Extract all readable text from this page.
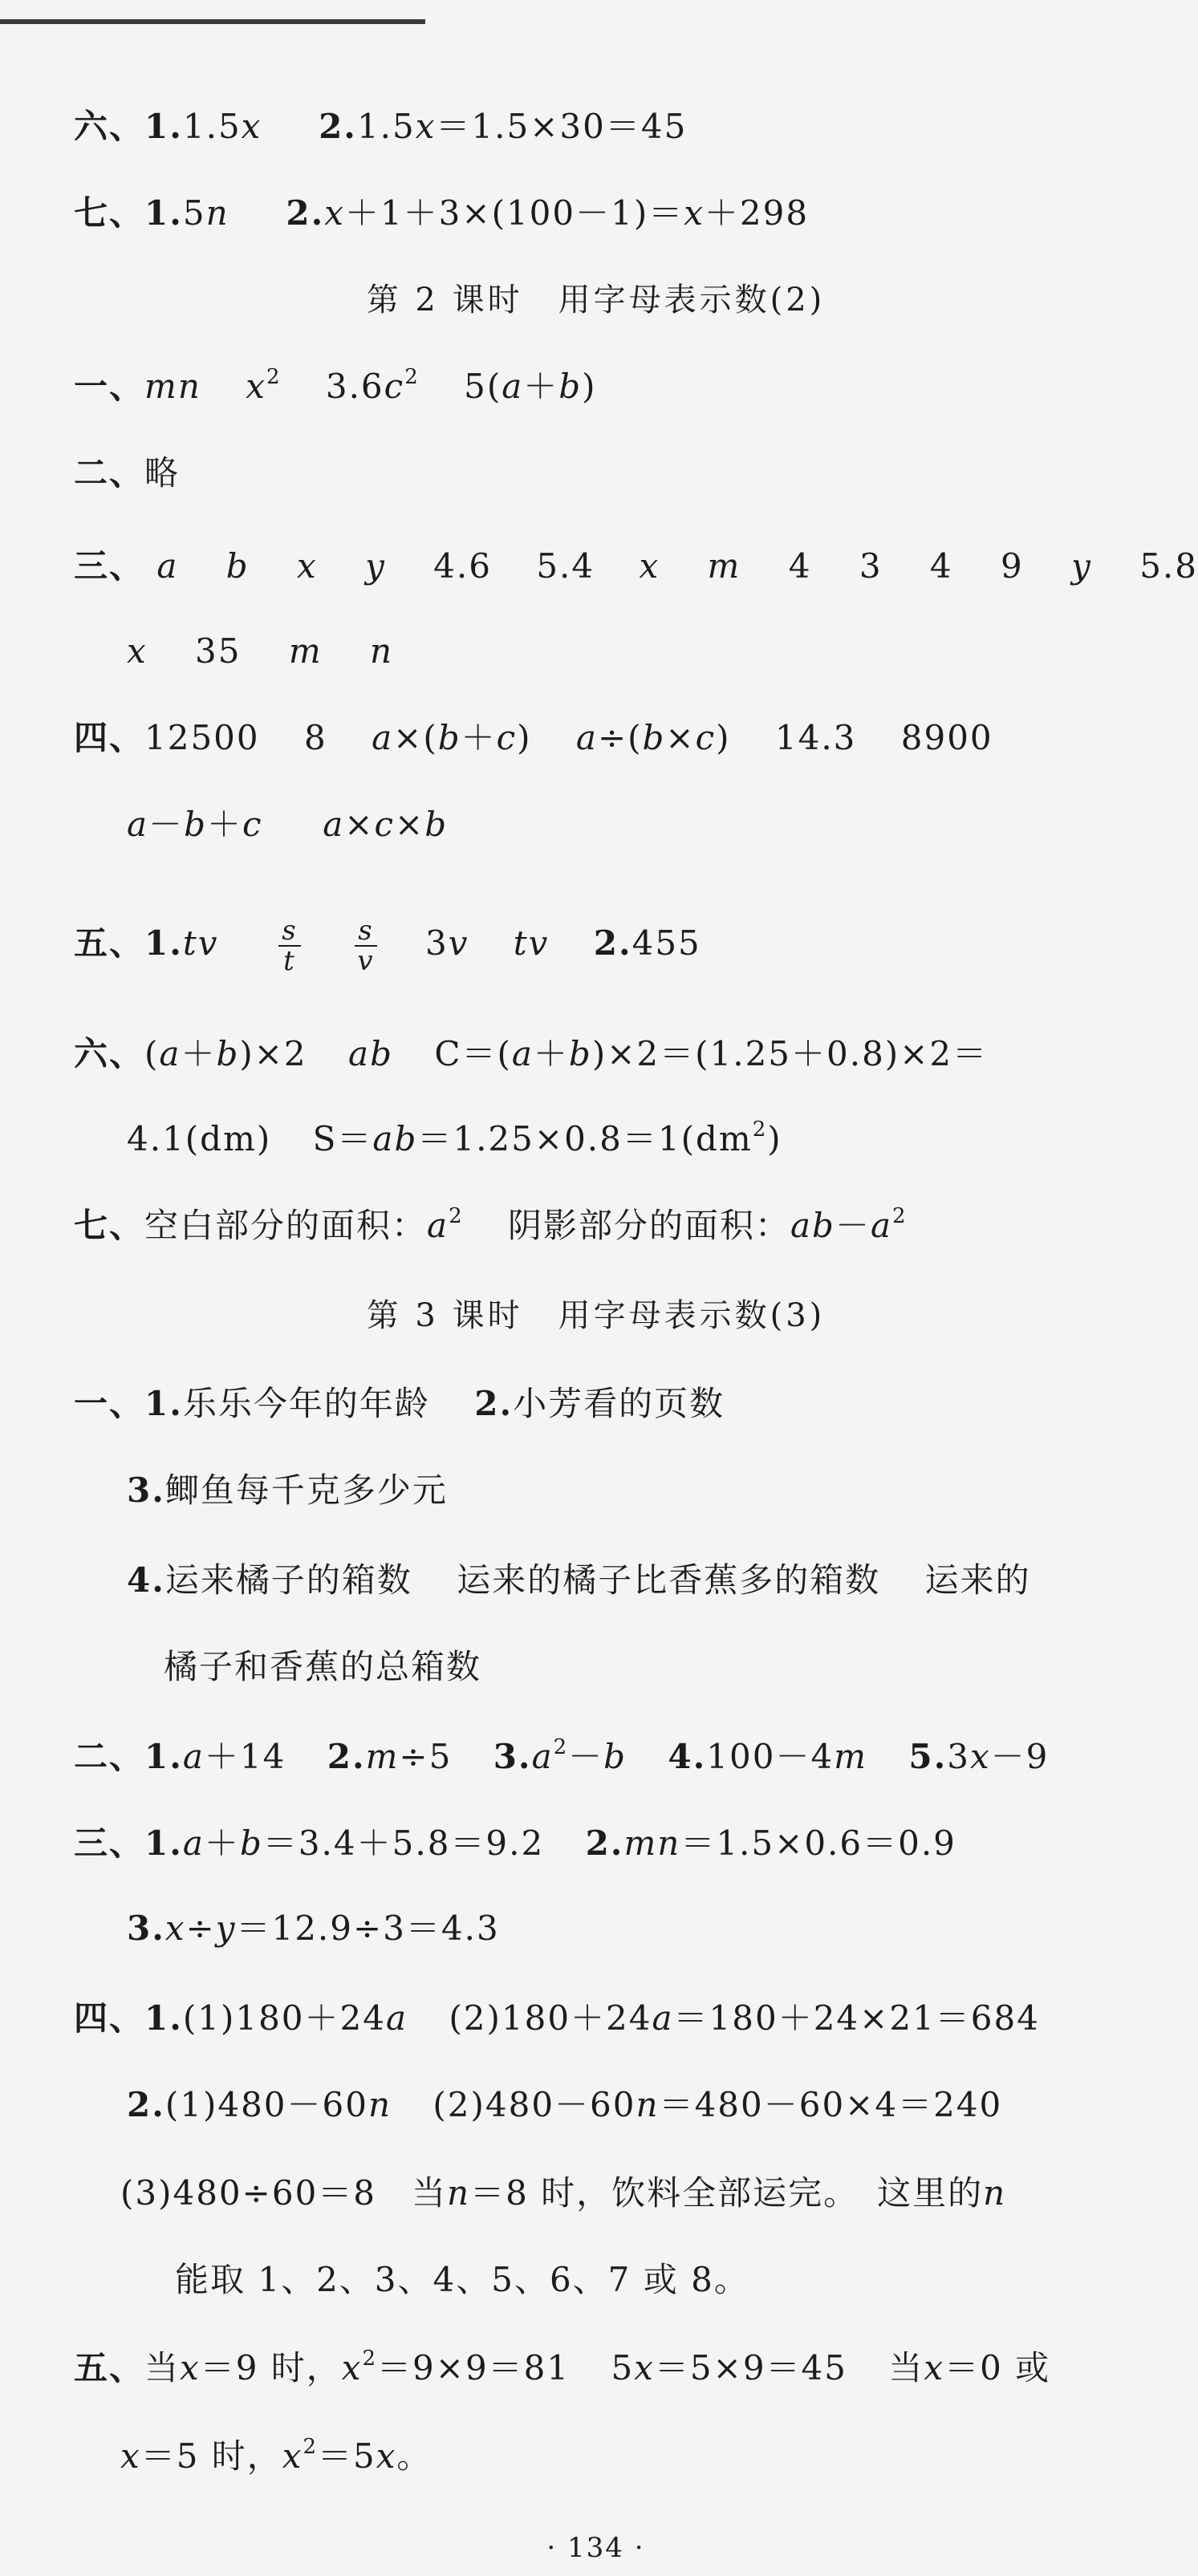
六、1.1.5x 2.1.5x＝1.5×30＝45
七、1.5n 2.x＋1＋3×(100－1)＝x＋298
第 2 课时　用字母表示数(2)
一、mn $x^2$ $3.6c^2$ 5(a＋b)
二、略
三、 a b x y 4.6 5.4 x m 4 3 4 9 y 5.8
x 35 m n
四、12500 8 a×(b＋c) a÷(b×c) 14.3 8900
a－b＋c a×c×b
五、$1.tv \frac{s}{t}$
$\frac{s}{v} 3v$ tv 2.455
六、(a＋b)×2 ab C＝(a＋b)×2＝(1.25＋0.8)×2＝
4.1(dm) $S=ab=1.25\times 0.8=1(dm^2)$
七、空白部分的面积：$a^2$ 阴影部分的面积：$ab-a^2$
第 3 课时　用字母表示数(3)
一、1.乐乐今年的年龄 2.小芳看的页数
3.鲫鱼每千克多少元
4.运来橘子的箱数 运来的橘子比香蕉多的箱数 运来的
橘子和香蕉的总箱数
二、1.a＋14 2.m÷5 $3.a^2-b$ 4.100－4m 5.3x－9
三、1.a＋b＝3.4＋5.8＝9.2 2.mn＝1.5×0.6＝0.9
3.x÷y＝12.9÷3＝4.3
四、1.(1)180＋24a (2)180＋24a＝180＋24×21＝684
2.(1)480－60n (2)480－60n＝480－60×4＝240
(3)480÷60＝8　当n＝8 时，饮料全部运完。　这里的n
能取 1、2、3、4、5、6、7 或 8。
五、当x＝9 时，$x^2=9\times 9=81$ 5x＝5×9＝45 当x＝0 或
x＝5 时，$x^2=5x$。
· 134 ·
